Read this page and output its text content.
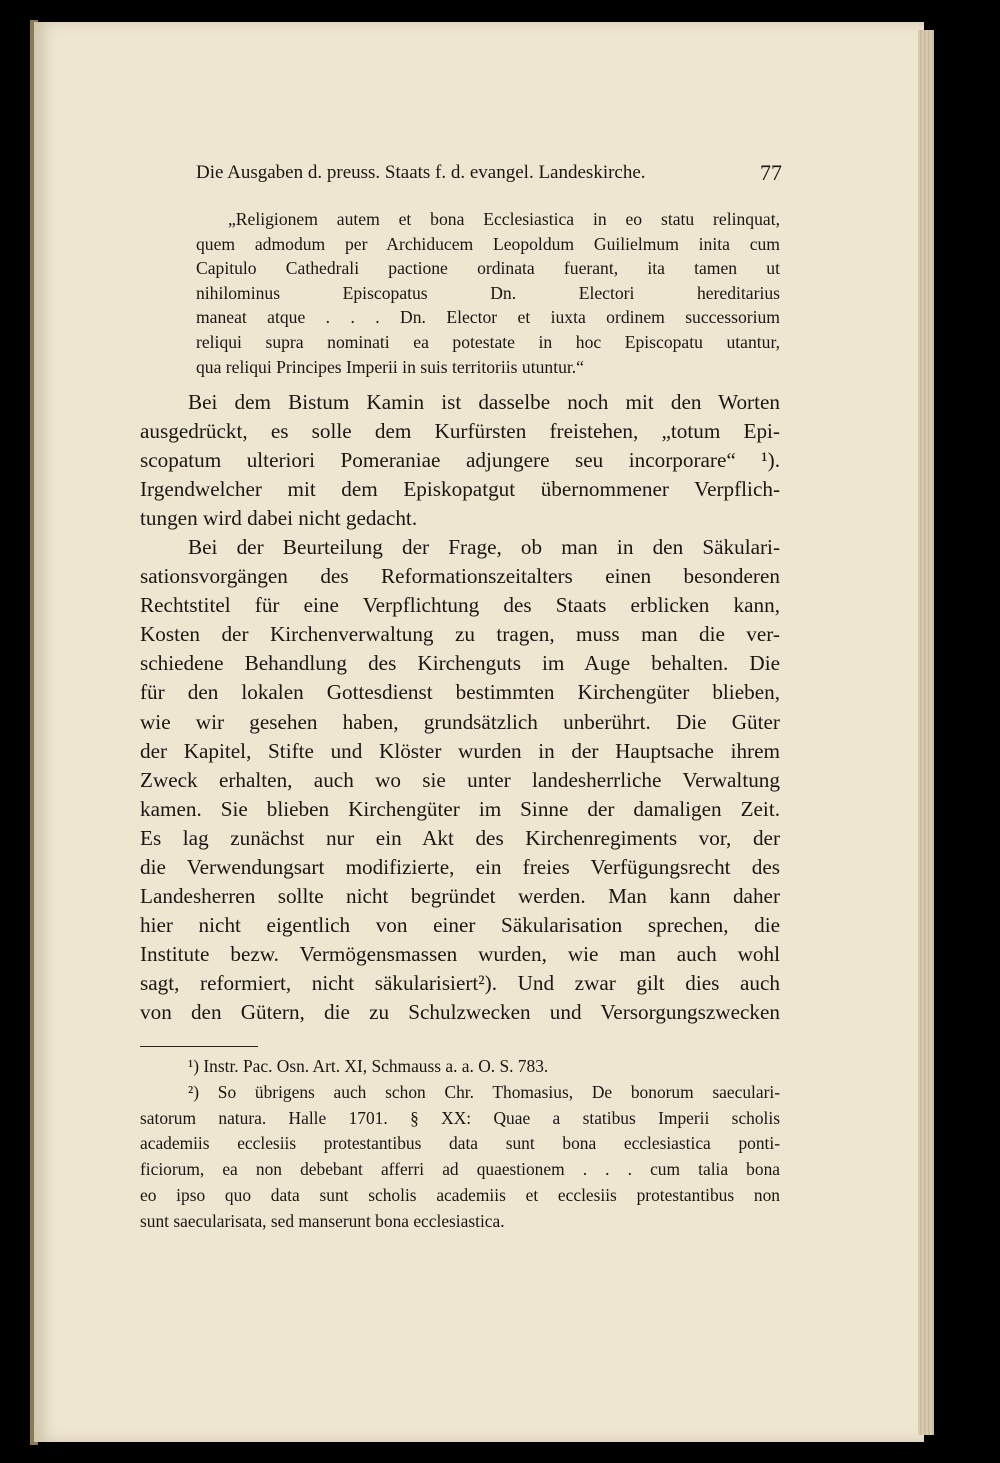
Die Ausgaben d. preuss. Staats f. d. evangel. Landeskirche.	77
„Religionem autem et bona Ecclesiastica in eo statu relinquat,
quem admodum per Archiducem Leopoldum Guilielmum inita cum
Capitulo Cathedrali pactione ordinata fuerant, ita tamen ut
nihilominus Episcopatus Dn. Electori hereditarius
maneat atque . . . Dn. Elector et iuxta ordinem successorium
reliqui supra nominati ea potestate in hoc Episcopatu utantur,
qua reliqui Principes Imperii in suis territoriis utuntur.“
Bei dem Bistum Kamin ist dasselbe noch mit den Worten
ausgedrückt, es solle dem Kurfürsten freistehen, „totum Epi-
scopatum ulteriori Pomeraniae adjungere seu incorporare“ ¹).
Irgendwelcher mit dem Episkopatgut übernommener Verpflich-
tungen wird dabei nicht gedacht.
Bei der Beurteilung der Frage, ob man in den Säkulari-
sationsvorgängen des Reformationszeitalters einen besonderen
Rechtstitel für eine Verpflichtung des Staats erblicken kann,
Kosten der Kirchenverwaltung zu tragen, muss man die ver-
schiedene Behandlung des Kirchenguts im Auge behalten. Die
für den lokalen Gottesdienst bestimmten Kirchengüter blieben,
wie wir gesehen haben, grundsätzlich unberührt. Die Güter
der Kapitel, Stifte und Klöster wurden in der Hauptsache ihrem
Zweck erhalten, auch wo sie unter landesherrliche Verwaltung
kamen. Sie blieben Kirchengüter im Sinne der damaligen Zeit.
Es lag zunächst nur ein Akt des Kirchenregiments vor, der
die Verwendungsart modifizierte, ein freies Verfügungsrecht des
Landesherren sollte nicht begründet werden. Man kann daher
hier nicht eigentlich von einer Säkularisation sprechen, die
Institute bezw. Vermögensmassen wurden, wie man auch wohl
sagt, reformiert, nicht säkularisiert²). Und zwar gilt dies auch
von den Gütern, die zu Schulzwecken und Versorgungszwecken
¹) Instr. Pac. Osn. Art. XI, Schmauss a. a. O. S. 783.
²) So übrigens auch schon Chr. Thomasius, De bonorum saeculari-
satorum natura. Halle 1701. § XX: Quae a statibus Imperii scholis
academiis ecclesiis protestantibus data sunt bona ecclesiastica ponti-
ficiorum, ea non debebant afferri ad quaestionem . . . cum talia bona
eo ipso quo data sunt scholis academiis et ecclesiis protestantibus non
sunt saecularisata, sed manserunt bona ecclesiastica.
